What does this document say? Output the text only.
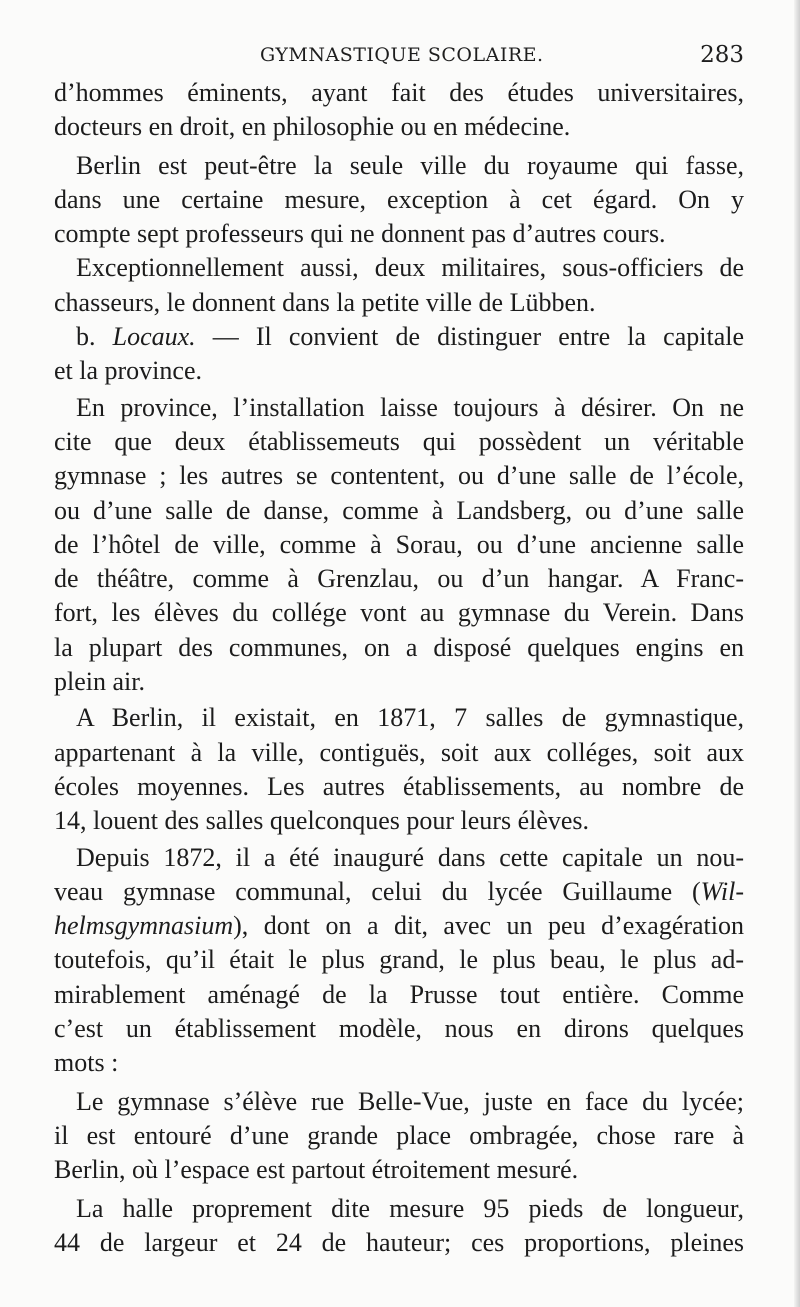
GYMNASTIQUE SCOLAIRE.	283
d’hommes éminents, ayant fait des études universitaires,
docteurs en droit, en philosophie ou en médecine.
Berlin est peut-être la seule ville du royaume qui fasse,
dans une certaine mesure, exception à cet égard. On y
compte sept professeurs qui ne donnent pas d’autres cours.
Exceptionnellement aussi, deux militaires, sous-officiers de
chasseurs, le donnent dans la petite ville de Lübben.
b. Locaux. — Il convient de distinguer entre la capitale
et la province.
En province, l’installation laisse toujours à désirer. On ne
cite que deux établissemeuts qui possèdent un véritable
gymnase ; les autres se contentent, ou d’une salle de l’école,
ou d’une salle de danse, comme à Landsberg, ou d’une salle
de l’hôtel de ville, comme à Sorau, ou d’une ancienne salle
de théâtre, comme à Grenzlau, ou d’un hangar. A Franc-
fort, les élèves du collége vont au gymnase du Verein. Dans
la plupart des communes, on a disposé quelques engins en
plein air.
A Berlin, il existait, en 1871, 7 salles de gymnastique,
appartenant à la ville, contiguës, soit aux colléges, soit aux
écoles moyennes. Les autres établissements, au nombre de
14, louent des salles quelconques pour leurs élèves.
Depuis 1872, il a été inauguré dans cette capitale un nou-
veau gymnase communal, celui du lycée Guillaume (Wil-
helmsgymnasium), dont on a dit, avec un peu d’exagération
toutefois, qu’il était le plus grand, le plus beau, le plus ad-
mirablement aménagé de la Prusse tout entière. Comme
c’est un établissement modèle, nous en dirons quelques
mots :
Le gymnase s’élève rue Belle-Vue, juste en face du lycée;
il est entouré d’une grande place ombragée, chose rare à
Berlin, où l’espace est partout étroitement mesuré.
La halle proprement dite mesure 95 pieds de longueur,
44 de largeur et 24 de hauteur; ces proportions, pleines
